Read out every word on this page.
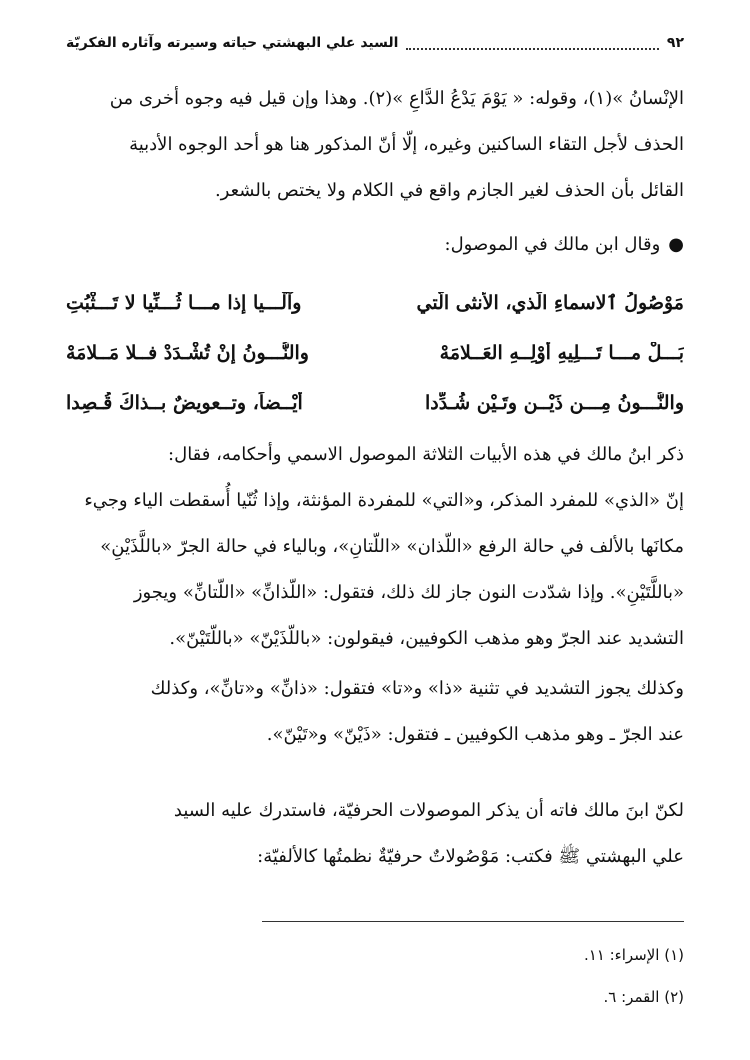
٩٢
السيد علي البهشتي حياته وسيرته وآثاره الفكريّة
الإنْسانُ »(١)، وقوله: « يَوْمَ يَدْعُ الدَّاعِ »(٢). وهذا وإن قيل فيه وجوه أخرى من
الحذف لأجل التقاء الساكنين وغيره، إلّا أنّ المذكور هنا هو أحد الوجوه الأدبية
القائل بأن الحذف لغير الجازم واقع في الكلام ولا يختص بالشعر.
●وقال ابن مالك في الموصول:
مَوْصُولُ ٱلاسماءِ الَّذي، الأُنثى الَّتي
وآلْـــيا إذا مـــا ثُـــنِّيا لا تَـــثْبُتِ
بَـــلْ مـــا تَـــلِيهِ أَوْلِــهِ العَــلامَهْ
والنُّـــونُ إنْ تُشْـدَدْ فــلا مَــلامَهْ
والنُّـــونُ مِـــن ذَيْــنِ وتَـيْنِ شُـدِّدا
أيْــضاً، وتــعويضٌ بــذاكَ قُـصِدا
ذكر ابنُ مالك في هذه الأبيات الثلاثة الموصول الاسمي وأحكامه، فقال:
إنّ «الذي» للمفرد المذكر، و«التي» للمفردة المؤنثة، وإذا ثُنّيا أُسقطت الياء وجيء
مكانَها بالألف في حالة الرفع «اللّذان» «اللّتانِ»، وبالياء في حالة الجرّ «باللَّذَيْنِ»
«باللَّتَيْنِ». وإذا شدّدت النون جاز لك ذلك، فتقول: «اللّذانِّ» «اللّتانِّ» ويجوز
التشديد عند الجرّ وهو مذهب الكوفيين، فيقولون: «باللّذَيْنّ» «باللّتَيْنّ».
وكذلك يجوز التشديد في تثنية «ذا» و«تا» فتقول: «ذانِّ» و«تانِّ»، وكذلك
عند الجرّ ـ وهو مذهب الكوفيين ـ فتقول: «ذَيْنّ» و«تَيْنّ».
لكنّ ابنَ مالك فاته أن يذكر الموصولات الحرفيّة، فاستدرك عليه السيد
علي البهشتي ﷺ فكتب: مَوْصُولاتٌ حرفيّةٌ نظمتُها كالألفيّة:
(١) الإسراء: ١١.
(٢) القمر: ٦.
